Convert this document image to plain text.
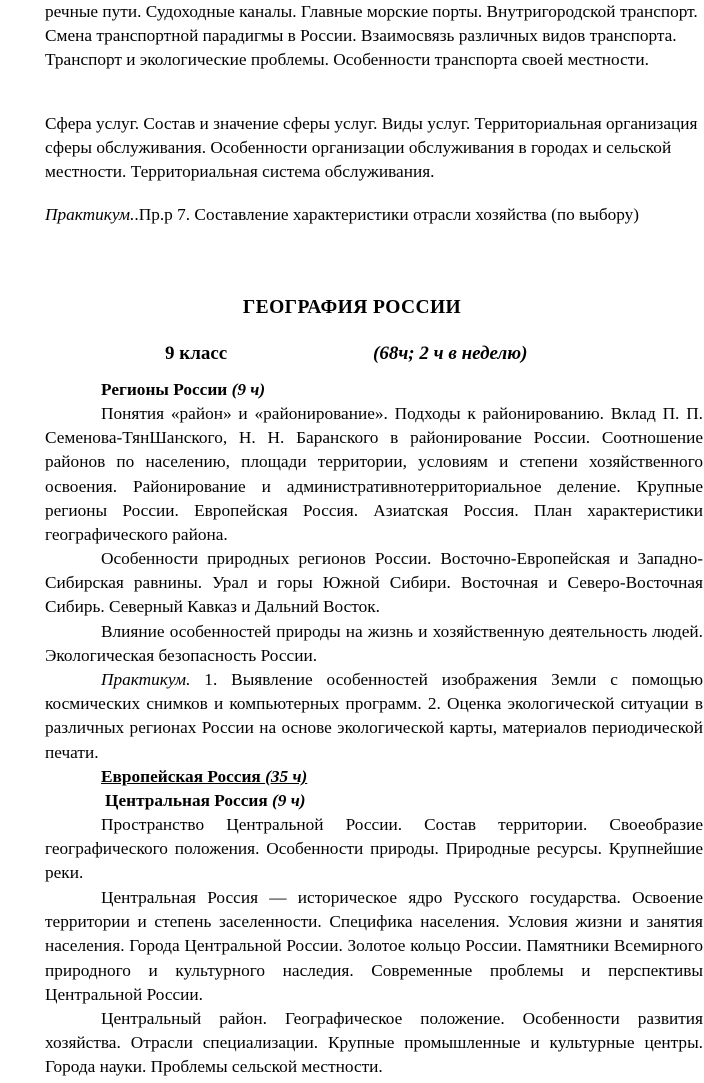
речные пути. Судоходные каналы. Главные морские порты. Внутригородской транспорт. Смена транспортной парадигмы в России. Взаимосвязь различных видов транспорта. Транспорт и экологические проблемы. Особенности транспорта своей местности.

Сфера услуг. Состав и значение сферы услуг. Виды услуг. Территориальная организация сферы обслуживания. Особенности организации обслуживания в городах и сельской местности. Территориальная система обслуживания.

Практикум..Пр.р 7. Составление характеристики отрасли хозяйства (по выбору)

ГЕОГРАФИЯ РОССИИ
9 класс	(68ч; 2 ч в неделю)
Регионы России (9 ч)

Понятия «район» и «районирование». Подходы к районированию. Вклад П. П. Семенова-ТянШанского, Н. Н. Баранского в районирование России. Соотношение районов по населению, площади территории, условиям и степени хозяйственного освоения. Районирование и административнотерриториальное деление. Крупные регионы России. Европейская Россия. Азиатская Россия. План характеристики географического района.

Особенности природных регионов России. Восточно-Европейская и Западно-Сибирская равнины. Урал и горы Южной Сибири. Восточная и Северо-Восточная Сибирь. Северный Кавказ и Дальний Восток.

Влияние особенностей природы на жизнь и хозяйственную деятельность людей. Экологическая безопасность России.

Практикум. 1. Выявление особенностей изображения Земли с помощью космических снимков и компьютерных программ. 2. Оценка экологической ситуации в различных регионах России на основе экологической карты, материалов периодической печати.

Европейская Россия (35 ч)
Центральная Россия (9 ч)

Пространство Центральной России. Состав территории. Своеобразие географического положения. Особенности природы. Природные ресурсы. Крупнейшие реки.

Центральная Россия — историческое ядро Русского государства. Освоение территории и степень заселенности. Специфика населения. Условия жизни и занятия населения. Города Центральной России. Золотое кольцо России. Памятники Всемирного природного и культурного наследия. Современные проблемы и перспективы Центральной России.

Центральный район. Географическое положение. Особенности развития хозяйства. Отрасли специализации. Крупные промышленные и культурные центры. Города науки. Проблемы сельской местности.
